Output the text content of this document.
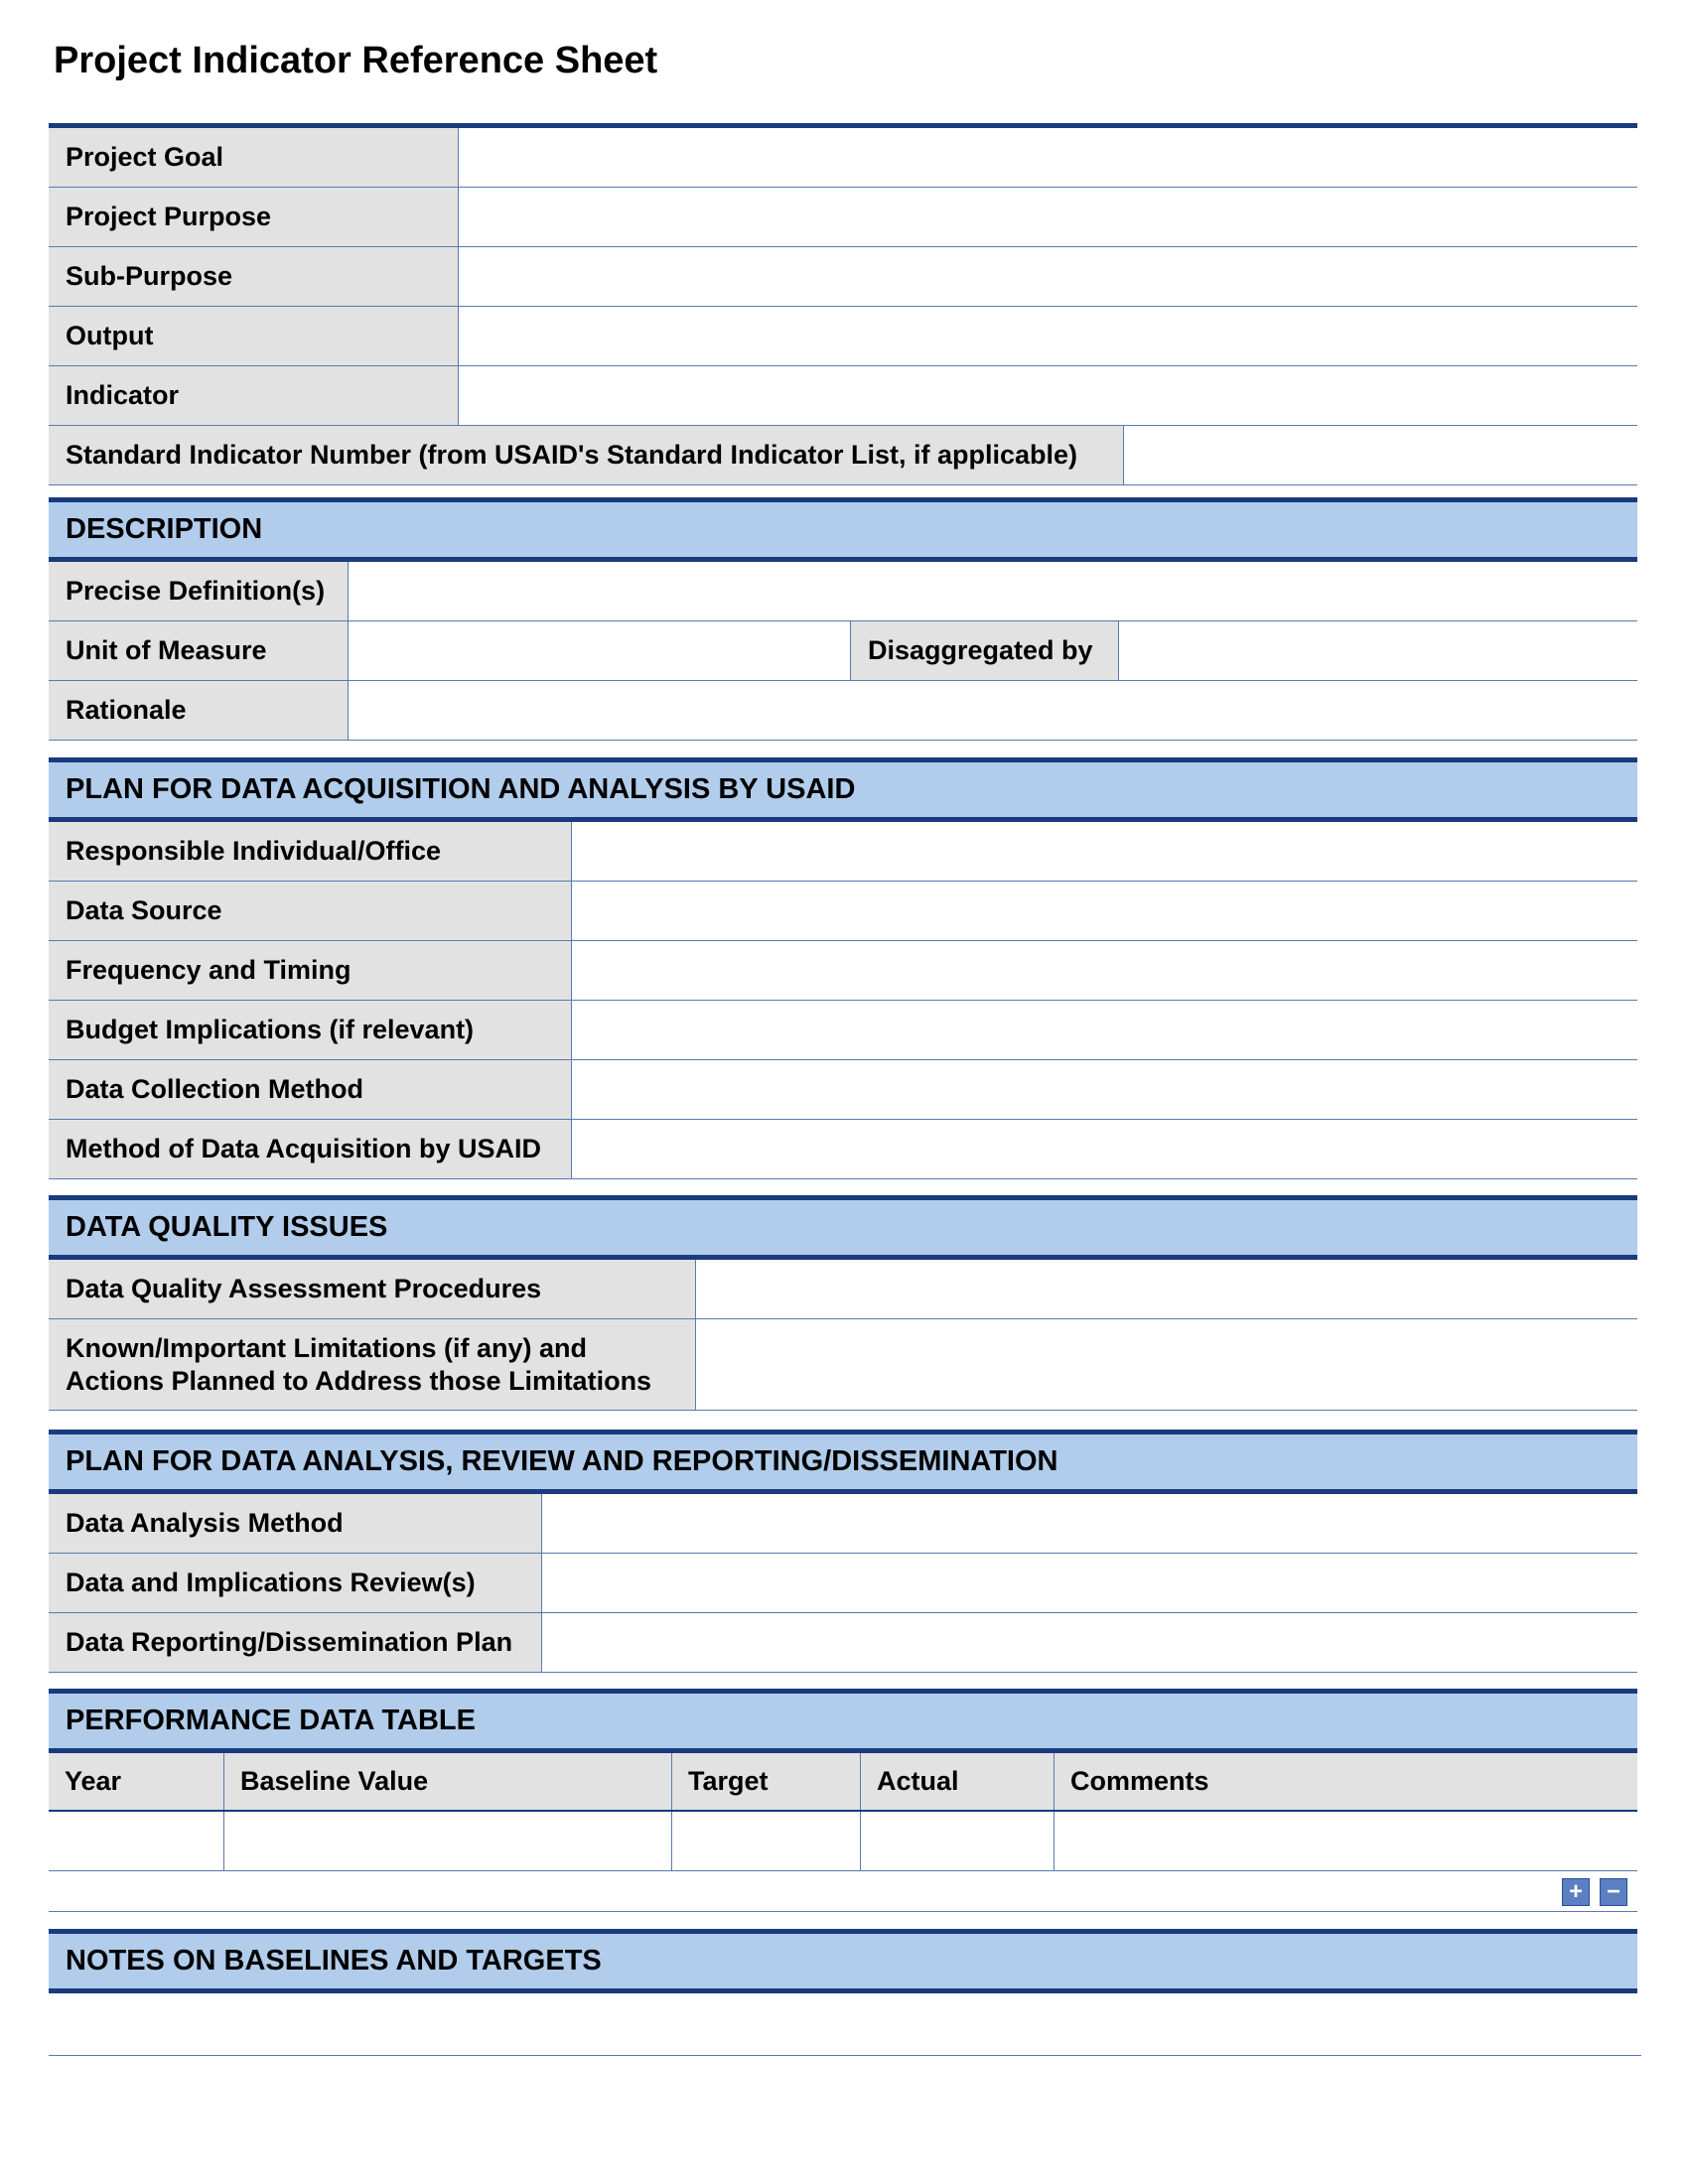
Project Indicator Reference Sheet
Project Goal
Project Purpose
Sub-Purpose
Output
Indicator
Standard Indicator Number (from USAID's Standard Indicator List, if applicable)
DESCRIPTION
Precise Definition(s)
Unit of Measure	Disaggregated by
Rationale
PLAN FOR DATA ACQUISITION AND ANALYSIS BY USAID
Responsible Individual/Office
Data Source
Frequency and Timing
Budget Implications (if relevant)
Data Collection Method
Method of Data Acquisition by USAID
DATA QUALITY ISSUES
Data Quality Assessment Procedures
Known/Important Limitations (if any) and
Actions Planned to Address those Limitations
PLAN FOR DATA ANALYSIS, REVIEW AND REPORTING/DISSEMINATION
Data Analysis Method
Data and Implications Review(s)
Data Reporting/Dissemination Plan
PERFORMANCE DATA TABLE
Year	Baseline Value	Target	Actual	Comments
+ −
NOTES ON BASELINES AND TARGETS
